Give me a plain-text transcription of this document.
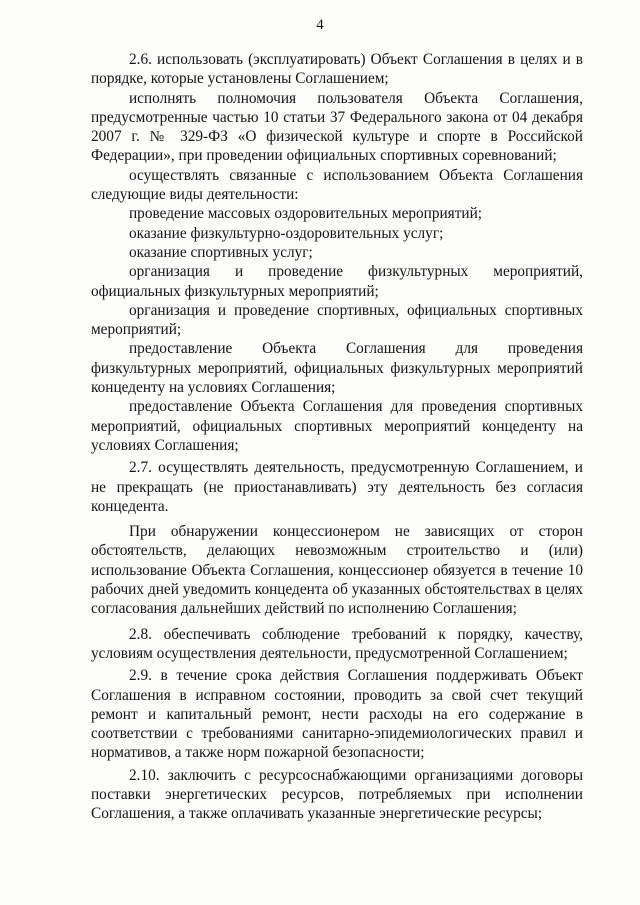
4

2.6. использовать (эксплуатировать) Объект Соглашения в целях и в порядке, которые установлены Соглашением;

исполнять полномочия пользователя Объекта Соглашения, предусмотренные частью 10 статьи 37 Федерального закона от 04 декабря 2007 г. № 329-ФЗ «О физической культуре и спорте в Российской Федерации», при проведении официальных спортивных соревнований;

осуществлять связанные с использованием Объекта Соглашения следующие виды деятельности:

проведение массовых оздоровительных мероприятий;

оказание физкультурно-оздоровительных услуг;

оказание спортивных услуг;

организация и проведение физкультурных мероприятий, официальных физкультурных мероприятий;

организация и проведение спортивных, официальных спортивных мероприятий;

предоставление Объекта Соглашения для проведения физкультурных мероприятий, официальных физкультурных мероприятий концеденту на условиях Соглашения;

предоставление Объекта Соглашения для проведения спортивных мероприятий, официальных спортивных мероприятий концеденту на условиях Соглашения;

2.7. осуществлять деятельность, предусмотренную Соглашением, и не прекращать (не приостанавливать) эту деятельность без согласия концедента.

При обнаружении концессионером не зависящих от сторон обстоятельств, делающих невозможным строительство и (или) использование Объекта Соглашения, концессионер обязуется в течение 10 рабочих дней уведомить концедента об указанных обстоятельствах в целях согласования дальнейших действий по исполнению Соглашения;

2.8. обеспечивать соблюдение требований к порядку, качеству, условиям осуществления деятельности, предусмотренной Соглашением;

2.9. в течение срока действия Соглашения поддерживать Объект Соглашения в исправном состоянии, проводить за свой счет текущий ремонт и капитальный ремонт, нести расходы на его содержание в соответствии с требованиями санитарно-эпидемиологических правил и нормативов, а также норм пожарной безопасности;

2.10. заключить с ресурсоснабжающими организациями договоры поставки энергетических ресурсов, потребляемых при исполнении Соглашения, а также оплачивать указанные энергетические ресурсы;
